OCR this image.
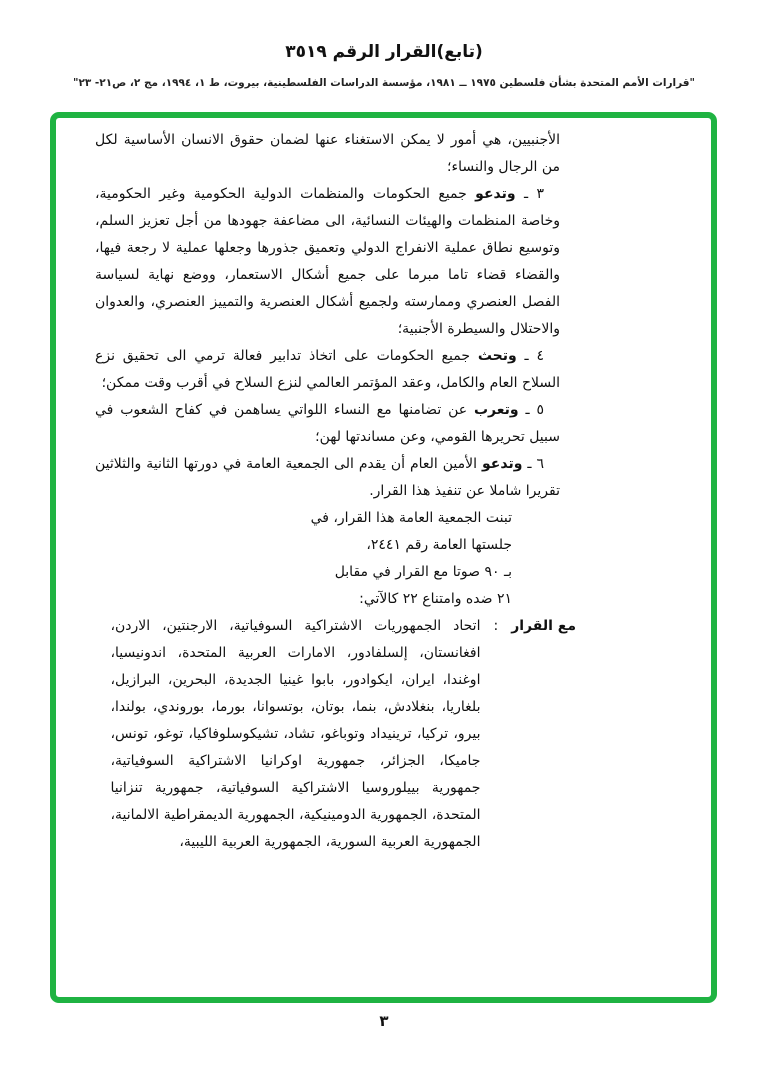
(تابع)القرار الرقم ٣٥١٩
"قرارات الأمم المتحدة بشأن فلسطين ١٩٧٥ ــ ١٩٨١، مؤسسة الدراسات الفلسطينية، بيروت، ط ١، ١٩٩٤، مج ٢، ص٢١- ٢٣"

الأجنبيين، هي أمور لا يمكن الاستغناء عنها لضمان حقوق الانسان الأساسية لكل من الرجال والنساء؛

٣ ـ وتدعو جميع الحكومات والمنظمات الدولية الحكومية وغير الحكومية، وخاصة المنظمات والهيئات النسائية، الى مضاعفة جهودها من أجل تعزيز السلم، وتوسيع نطاق عملية الانفراج الدولي وتعميق جذورها وجعلها عملية لا رجعة فيها، والقضاء قضاء تاما مبرما على جميع أشكال الاستعمار، ووضع نهاية لسياسة الفصل العنصري وممارسته ولجميع أشكال العنصرية والتمييز العنصري، والعدوان والاحتلال والسيطرة الأجنبية؛

٤ ـ وتحث جميع الحكومات على اتخاذ تدابير فعالة ترمي الى تحقيق نزع السلاح العام والكامل، وعقد المؤتمر العالمي لنزع السلاح في أقرب وقت ممكن؛

٥ ـ وتعرب عن تضامنها مع النساء اللواتي يساهمن في كفاح الشعوب في سبيل تحريرها القومي، وعن مساندتها لهن؛

٦ ـ وتدعو الأمين العام أن يقدم الى الجمعية العامة في دورتها الثانية والثلاثين تقريرا شاملا عن تنفيذ هذا القرار.

تبنت الجمعية العامة هذا القرار، في
جلستها العامة رقم ٢٤٤١،
بـ ٩٠ صوتا مع القرار في مقابل
٢١ ضده وامتناع ٢٢ كالآتي:
مع القرار
:
اتحاد الجمهوريات الاشتراكية السوفياتية، الارجنتين، الاردن، افغانستان، إلسلفادور، الامارات العربية المتحدة، اندونيسيا، اوغندا، ايران، ايكوادور، بابوا غينيا الجديدة، البحرين، البرازيل، بلغاريا، بنغلادش، بنما، بوتان، بوتسوانا، بورما، بوروندي، بولندا، بيرو، تركيا، ترينيداد وتوباغو، تشاد، تشيكوسلوفاكيا، توغو، تونس، جاميكا، الجزائر، جمهورية اوكرانيا الاشتراكية السوفياتية، جمهورية بييلوروسيا الاشتراكية السوفياتية، جمهورية تنزانيا المتحدة، الجمهورية الدومينيكية، الجمهورية الديمقراطية الالمانية، الجمهورية العربية السورية، الجمهورية العربية الليبية،
٣
